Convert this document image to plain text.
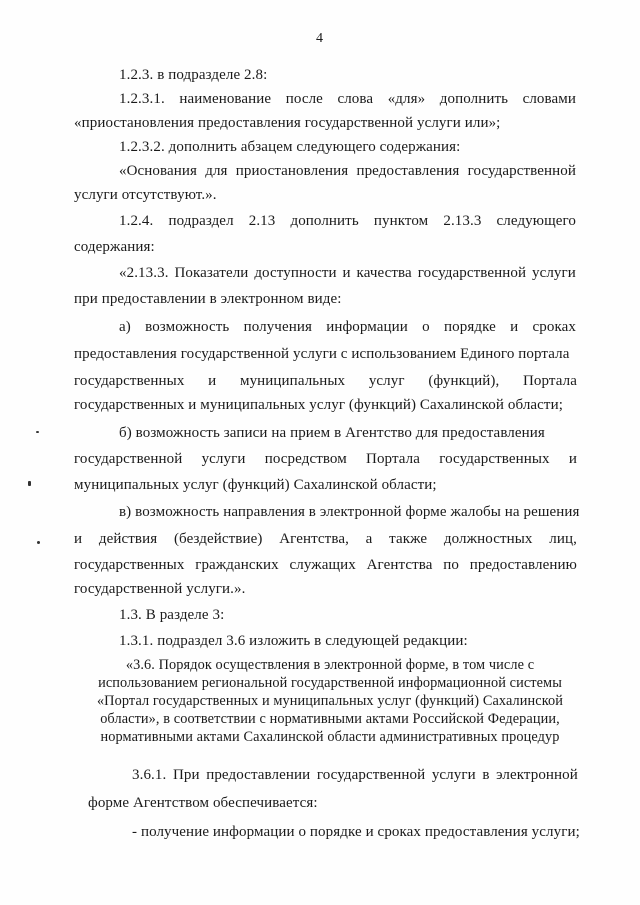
4
1.2.3. в подразделе 2.8:
1.2.3.1. наименование после слова «для» дополнить словами
«приостановления предоставления государственной услуги или»;
1.2.3.2. дополнить абзацем следующего содержания:
«Основания для приостановления предоставления государственной
услуги отсутствуют.».
1.2.4. подраздел 2.13 дополнить пунктом 2.13.3 следующего
содержания:
«2.13.3. Показатели доступности и качества государственной услуги
при предоставлении в электронном виде:
а) возможность получения информации о порядке и сроках
предоставления государственной услуги с использованием Единого портала
государственных и муниципальных услуг (функций), Портала
государственных и муниципальных услуг (функций) Сахалинской области;
б) возможность записи на прием в Агентство для предоставления
государственной услуги посредством Портала государственных и
муниципальных услуг (функций) Сахалинской области;
в) возможность направления в электронной форме жалобы на решения
и действия (бездействие) Агентства, а также должностных лиц,
государственных гражданских служащих Агентства по предоставлению
государственной услуги.».
1.3. В разделе 3:
1.3.1. подраздел 3.6 изложить в следующей редакции:
«3.6. Порядок осуществления в электронной форме, в том числе с
использованием региональной государственной информационной системы
«Портал государственных и муниципальных услуг (функций) Сахалинской
области», в соответствии с нормативными актами Российской Федерации,
нормативными актами Сахалинской области административных процедур
3.6.1. При предоставлении государственной услуги в электронной
форме Агентством обеспечивается:
- получение информации о порядке и сроках предоставления услуги;
